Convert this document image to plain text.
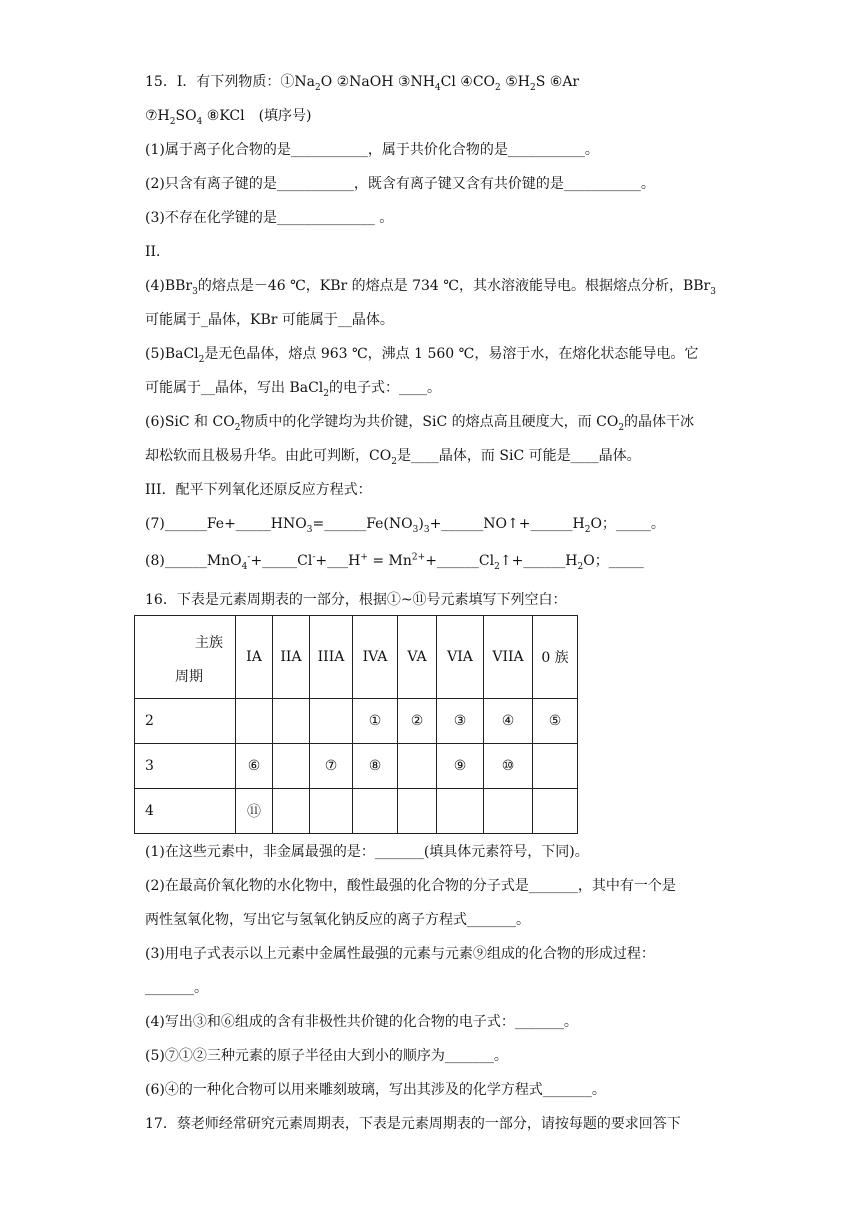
15．I．有下列物质：$①Na_2O$ ②NaOH $③NH_4Cl$ $④CO_2$ $⑤H_2S$ ⑥Ar
$⑦H_2SO_4$ ⑧KCl　(填序号)
(1)属于离子化合物的是___________，属于共价化合物的是___________。
(2)只含有离子键的是___________，既含有离子键又含有共价键的是___________。
(3)不存在化学键的是______________ 。
II．
(4)BBr$_3$的熔点是－46 ℃，KBr 的熔点是 734 ℃，其水溶液能导电。根据熔点分析，BBr$_3$
可能属于_晶体，KBr 可能属于__晶体。
(5)BaCl$_2$是无色晶体，熔点 963 ℃，沸点 1 560 ℃，易溶于水，在熔化状态能导电。它
可能属于__晶体，写出 BaCl$_2$的电子式：____。
(6)SiC 和 $CO_2$物质中的化学键均为共价键，SiC 的熔点高且硬度大，而 $CO_2$的晶体干冰
却松软而且极易升华。由此可判断，$CO_2$是____晶体，而 SiC 可能是____晶体。
III．配平下列氧化还原反应方程式：
$(7)\_\_\_\_\_\_Fe+\_\_\_\_\_HNO_3=\_\_\_\_\_\_Fe(NO_3)_3+\_\_\_\_\_\_NO↑+\_\_\_\_\_\_H_2O$；_____。
(8)______MnO$_4$-+_____Cl-+___H+ = $Mn^{2+}+\_\_\_\_\_\_Cl_2↑+\_\_\_\_\_\_H_2O$；_____
16．下表是元素周期表的一部分，根据①~⑪号元素填写下列空白：
主族
周期	IA	IIA	IIIA	IVA	VA	VIA	VIIA	0 族
2				①	②	③	④	⑤
3	⑥		⑦	⑧		⑨	⑩	
4	⑪							
(1)在这些元素中，非金属最强的是：_______(填具体元素符号，下同)。
(2)在最高价氧化物的水化物中，酸性最强的化合物的分子式是_______，其中有一个是
两性氢氧化物，写出它与氢氧化钠反应的离子方程式_______。
(3)用电子式表示以上元素中金属性最强的元素与元素⑨组成的化合物的形成过程：
_______。
(4)写出③和⑥组成的含有非极性共价键的化合物的电子式：_______。
(5)⑦①②三种元素的原子半径由大到小的顺序为_______。
(6)④的一种化合物可以用来雕刻玻璃，写出其涉及的化学方程式_______。
17．蔡老师经常研究元素周期表，下表是元素周期表的一部分，请按每题的要求回答下
